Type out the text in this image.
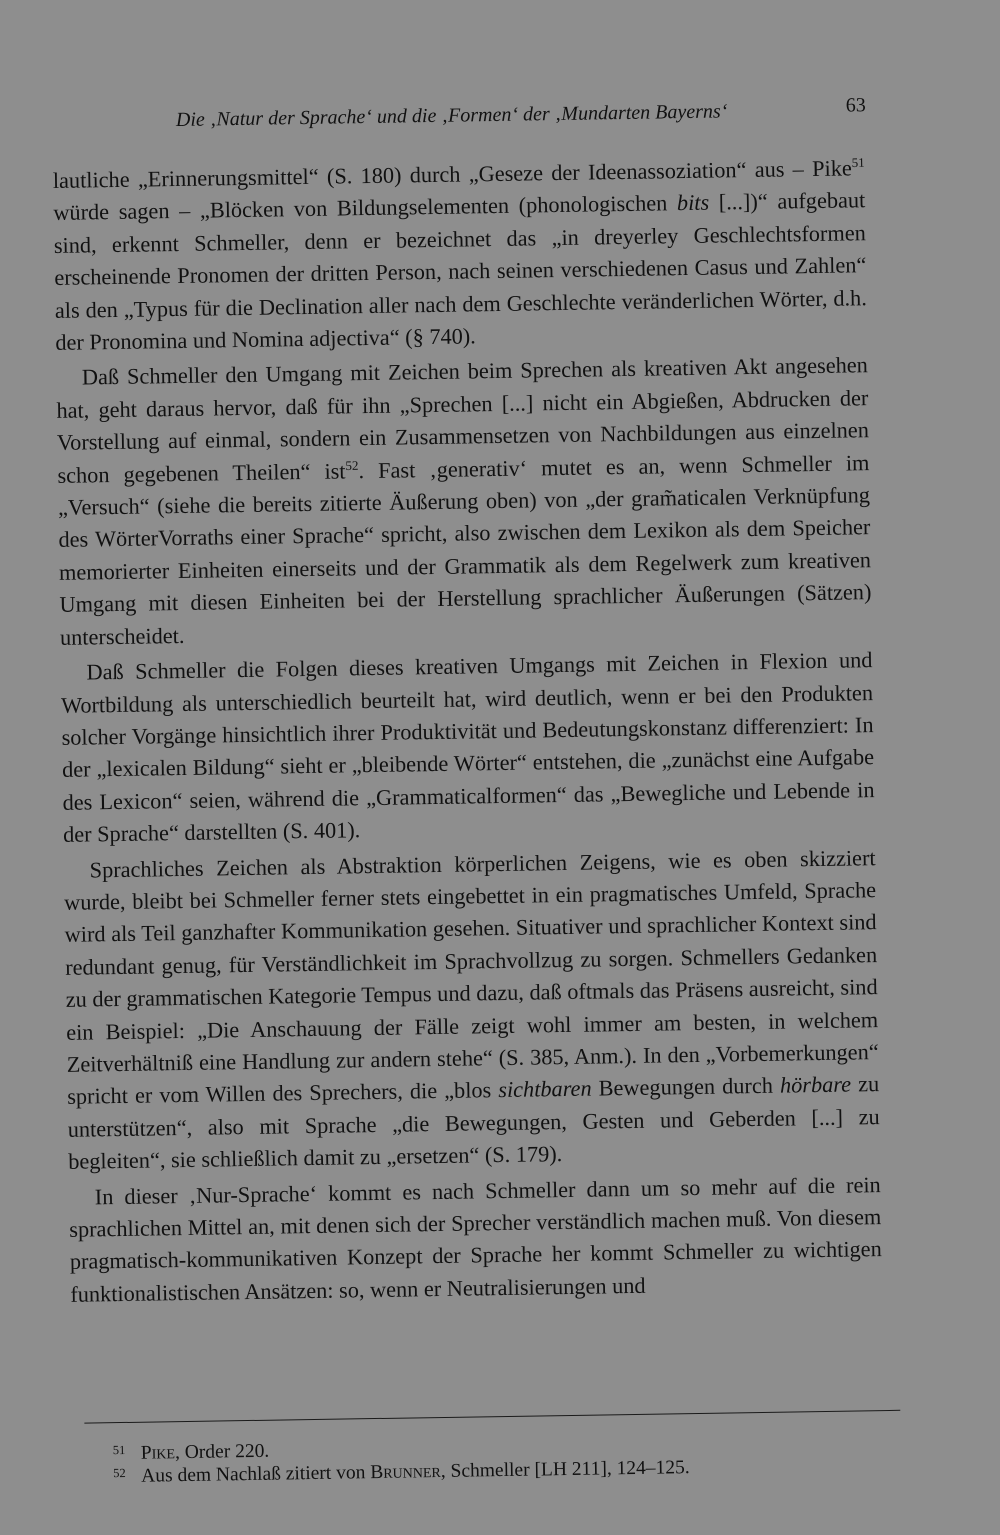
Die ‚Natur der Sprache‘ und die ‚Formen‘ der ‚Mundarten Bayerns‘	63

lautliche „Erinnerungsmittel“ (S. 180) durch „Geseze der Ideenassoziation“ aus – Pike$^{51}$ würde sagen – „Blöcken von Bildungselementen (phonologischen bits [...])“ aufgebaut sind, erkennt Schmeller, denn er bezeichnet das „in dreyerley Geschlechtsformen erscheinende Pronomen der dritten Person, nach seinen verschiedenen Casus und Zahlen“ als den „Typus für die Declination aller nach dem Geschlechte veränderlichen Wörter, d.h. der Pronomina und Nomina adjectiva“ (§ 740).

Daß Schmeller den Umgang mit Zeichen beim Sprechen als kreativen Akt angesehen hat, geht daraus hervor, daß für ihn „Sprechen [...] nicht ein Abgießen, Abdrucken der Vorstellung auf einmal, sondern ein Zusammensetzen von Nachbildungen aus einzelnen schon gegebenen Theilen“ ist$^{52}$. Fast ‚generativ‘ mutet es an, wenn Schmeller im „Versuch“ (siehe die bereits zitierte Äußerung oben) von „der gram̃aticalen Verknüpfung des WörterVorraths einer Sprache“ spricht, also zwischen dem Lexikon als dem Speicher memorierter Einheiten einerseits und der Grammatik als dem Regelwerk zum kreativen Umgang mit diesen Einheiten bei der Herstellung sprachlicher Äußerungen (Sätzen) unterscheidet.

Daß Schmeller die Folgen dieses kreativen Umgangs mit Zeichen in Flexion und Wortbildung als unterschiedlich beurteilt hat, wird deutlich, wenn er bei den Produkten solcher Vorgänge hinsichtlich ihrer Produktivität und Bedeutungskonstanz differenziert: In der „lexicalen Bildung“ sieht er „bleibende Wörter“ entstehen, die „zunächst eine Aufgabe des Lexicon“ seien, während die „Grammaticalformen“ das „Bewegliche und Lebende in der Sprache“ darstellten (S. 401).

Sprachliches Zeichen als Abstraktion körperlichen Zeigens, wie es oben skizziert wurde, bleibt bei Schmeller ferner stets eingebettet in ein pragmatisches Umfeld, Sprache wird als Teil ganzhafter Kommunikation gesehen. Situativer und sprachlicher Kontext sind redundant genug, für Verständlichkeit im Sprachvollzug zu sorgen. Schmellers Gedanken zu der grammatischen Kategorie Tempus und dazu, daß oftmals das Präsens ausreicht, sind ein Beispiel: „Die Anschauung der Fälle zeigt wohl immer am besten, in welchem Zeitverhältniß eine Handlung zur andern stehe“ (S. 385, Anm.). In den „Vorbemerkungen“ spricht er vom Willen des Sprechers, die „blos sichtbaren Bewegungen durch hörbare zu unterstützen“, also mit Sprache „die Bewegungen, Gesten und Geberden [...] zu begleiten“, sie schließlich damit zu „ersetzen“ (S. 179).

In dieser ‚Nur-Sprache‘ kommt es nach Schmeller dann um so mehr auf die rein sprachlichen Mittel an, mit denen sich der Sprecher verständlich machen muß. Von diesem pragmatisch-kommunikativen Konzept der Sprache her kommt Schmeller zu wichtigen funktionalistischen Ansätzen: so, wenn er Neutralisierungen und

51 Pike, Order 220.
52 Aus dem Nachlaß zitiert von Brunner, Schmeller [LH 211], 124–125.
